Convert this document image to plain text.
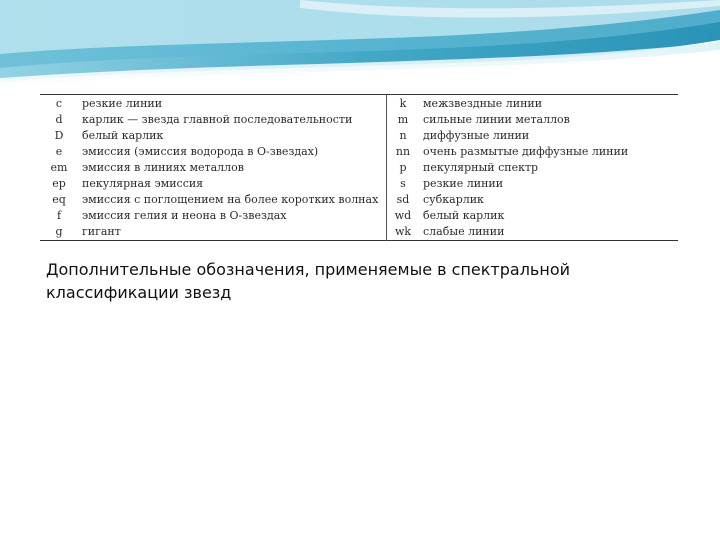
c	резкие линии		k	межзвездные линии
d	карлик — звезда главной последовательности		m	сильные линии металлов
D	белый карлик		n	диффузные линии
e	эмиссия (эмиссия водорода в О-звездах)		nn	очень размытые диффузные линии
em	эмиссия в линиях металлов		p	пекулярный спектр
ep	пекулярная эмиссия		s	резкие линии
eq	эмиссия с поглощением на более коротких волнах		sd	субкарлик
f	эмиссия гелия и неона в О-звездах		wd	белый карлик
g	гигант		wk	слабые линии
Дополнительные обозначения, применяемые в спектральной классификации звезд
